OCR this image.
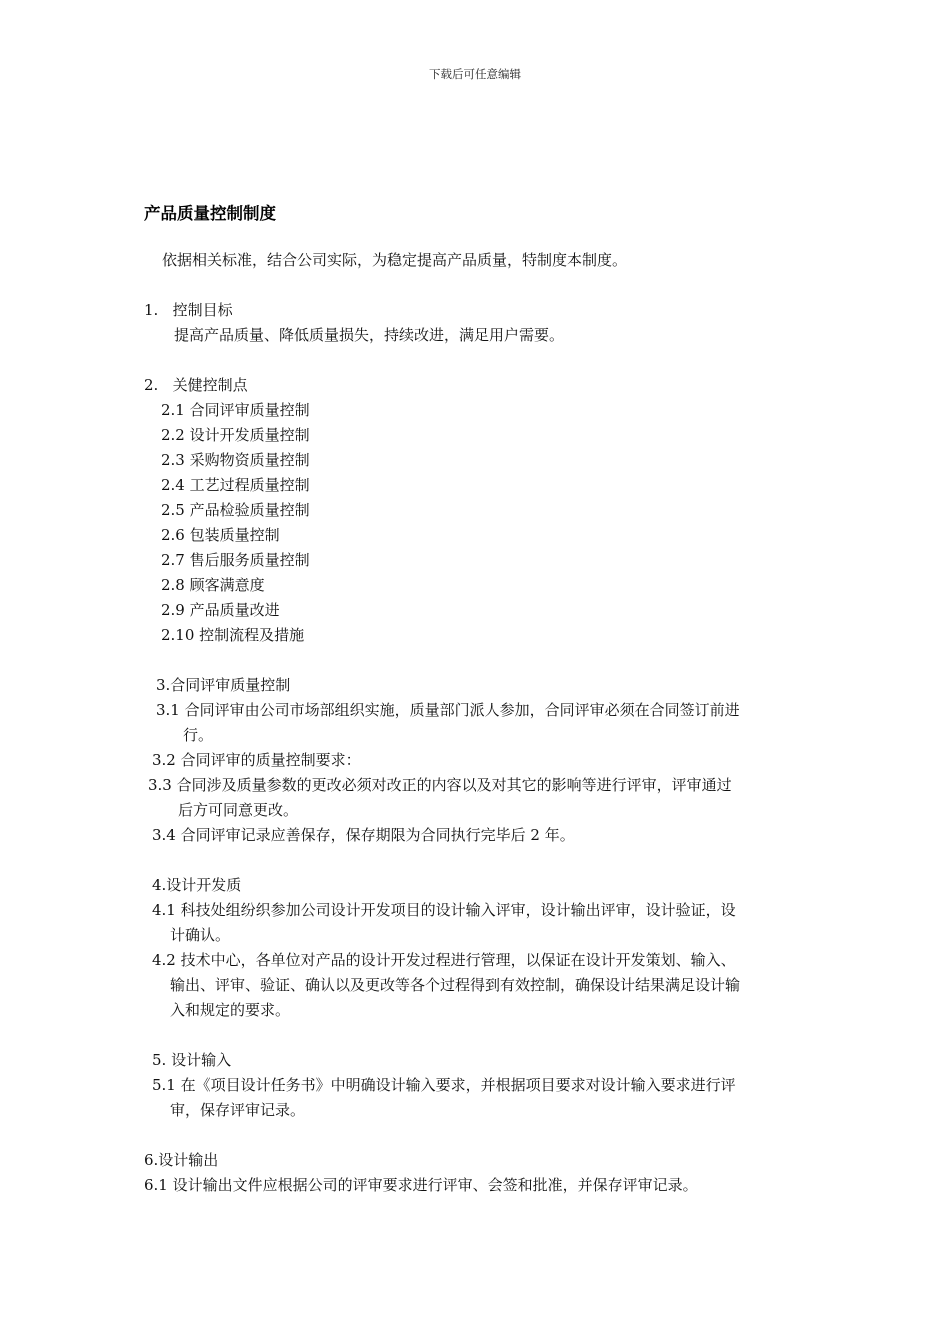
下载后可任意编辑
产品质量控制制度
依据相关标准，结合公司实际，为稳定提高产品质量，特制度本制度。
1.   控制目标
提高产品质量、降低质量损失，持续改进，满足用户需要。
2.   关健控制点
2.1 合同评审质量控制
2.2 设计开发质量控制
2.3 采购物资质量控制
2.4 工艺过程质量控制
2.5 产品检验质量控制
2.6 包装质量控制
2.7 售后服务质量控制
2.8 顾客满意度
2.9 产品质量改进
2.10 控制流程及措施
3.合同评审质量控制
3.1 合同评审由公司市场部组织实施，质量部门派人参加，合同评审必须在合同签订前进
行。
3.2 合同评审的质量控制要求：
3.3 合同涉及质量参数的更改必须对改正的内容以及对其它的影响等进行评审，评审通过
后方可同意更改。
3.4 合同评审记录应善保存，保存期限为合同执行完毕后 2 年。
4.设计开发质
4.1 科技处组纷织参加公司设计开发项目的设计输入评审，设计输出评审，设计验证，设
计确认。
4.2 技术中心，各单位对产品的设计开发过程进行管理，以保证在设计开发策划、输入、
输出、评审、验证、确认以及更改等各个过程得到有效控制，确保设计结果满足设计输
入和规定的要求。
5. 设计输入
5.1 在《项目设计任务书》中明确设计输入要求，并根据项目要求对设计输入要求进行评
审，保存评审记录。
6.设计输出
6.1 设计输出文件应根据公司的评审要求进行评审、会签和批准，并保存评审记录。
